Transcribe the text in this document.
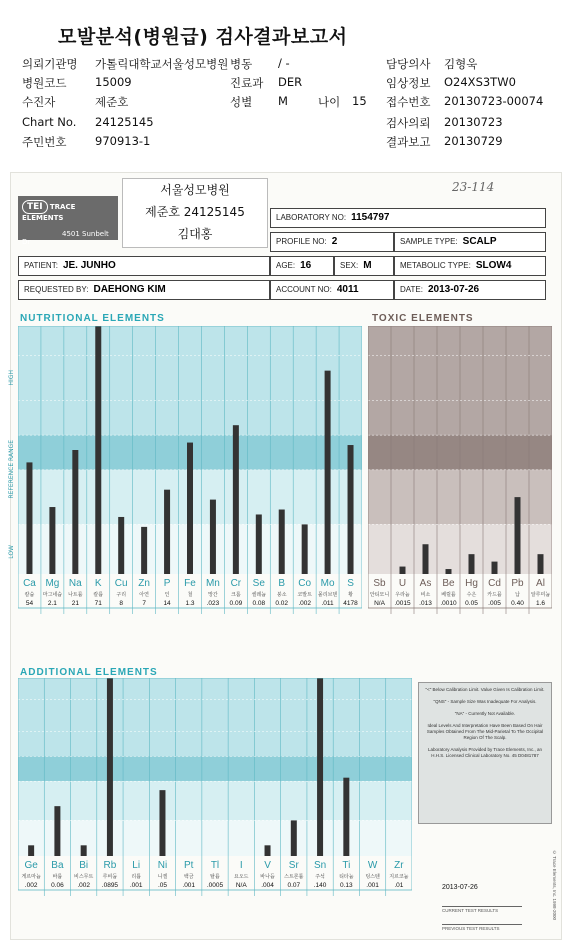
모발분석(병원급) 검사결과보고서
의뢰기관명 가톨릭대학교서울성모병원
병원코드 15009
수진자	제준호
Chart No. 24125145
주민번호 970913-1
병동 / -
진료과 DER
성별 M	나이 15
담당의사 김형욱
임상정보 O24XS3TW0
접수번호 20130723-00074
검사의뢰 20130723
결과보고 20130729
TEI TRACE ELEMENTS

4501 Sunbelt Dr
서울성모병원
제준호 24125145
김대홍
23-114
LABORATORY NO: 1154797
PROFILE NO: 2	SAMPLE TYPE: SCALP
PATIENT: JE. JUNHO	AGE: 16	SEX: M	METABOLIC TYPE: SLOW4
REQUESTED BY: DAEHONG KIM	ACCOUNT NO: 4011	DATE: 2013-07-26
NUTRITIONAL ELEMENTS	TOXIC ELEMENTS
ADDITIONAL ELEMENTS
HIGH
REFERENCE RANGE
LOW
Ca
칼슘
54
Mg
마그네슘
2.1
Na
나트륨
21
K
칼륨
71
Cu
구리
8
Zn
아연
7
P
인
14
Fe
철
1.3
Mn
망간
.023
Cr
크롬
0.09
Se
셀레늄
0.08
B
붕소
0.02
Co
코발트
.002
Mo
몰리브덴
.011
S
황
4178
Sb
안티모니
N/A
U
우라늄
.0015
As
비소
.013
Be
베릴륨
.0010
Hg
수은
0.05
Cd
카드뮴
.005
Pb
납
0.40
Al
알루미늄
1.6
Ge
게르마늄
.002
Ba
바륨
0.06
Bi
비스무트
.002
Rb
루비듐
.0895
Li
리튬
.001
Ni
니켈
.05
Pt
백금
.001
Tl
탈륨
.0005
I
요오드
N/A
V
바나듐
.004
Sr
스트론튬
0.07
Sn
주석
.140
Ti
티타늄
0.13
W
텅스텐
.001
Zr
지르코늄
.01
"<" Below Calibration Limit. Value Given Is Calibration Limit.
"QNS" - Sample Size Was Inadequate For Analysis.
"NA" - Currently Not Available.
Ideal Levels And Interpretation Have Been Based On Hair Samples Obtained From The Mid-Parietal To The Occipital Region Of The Scalp.
Laboratory Analysis Provided by Trace Elements, Inc., an H.H.S. Licensed Clinical Laboratory No. 45 D0481787
2013-07-26
CURRENT TEST RESULTS
PREVIOUS TEST RESULTS
© Trace Elements, Inc. 1998-2000
